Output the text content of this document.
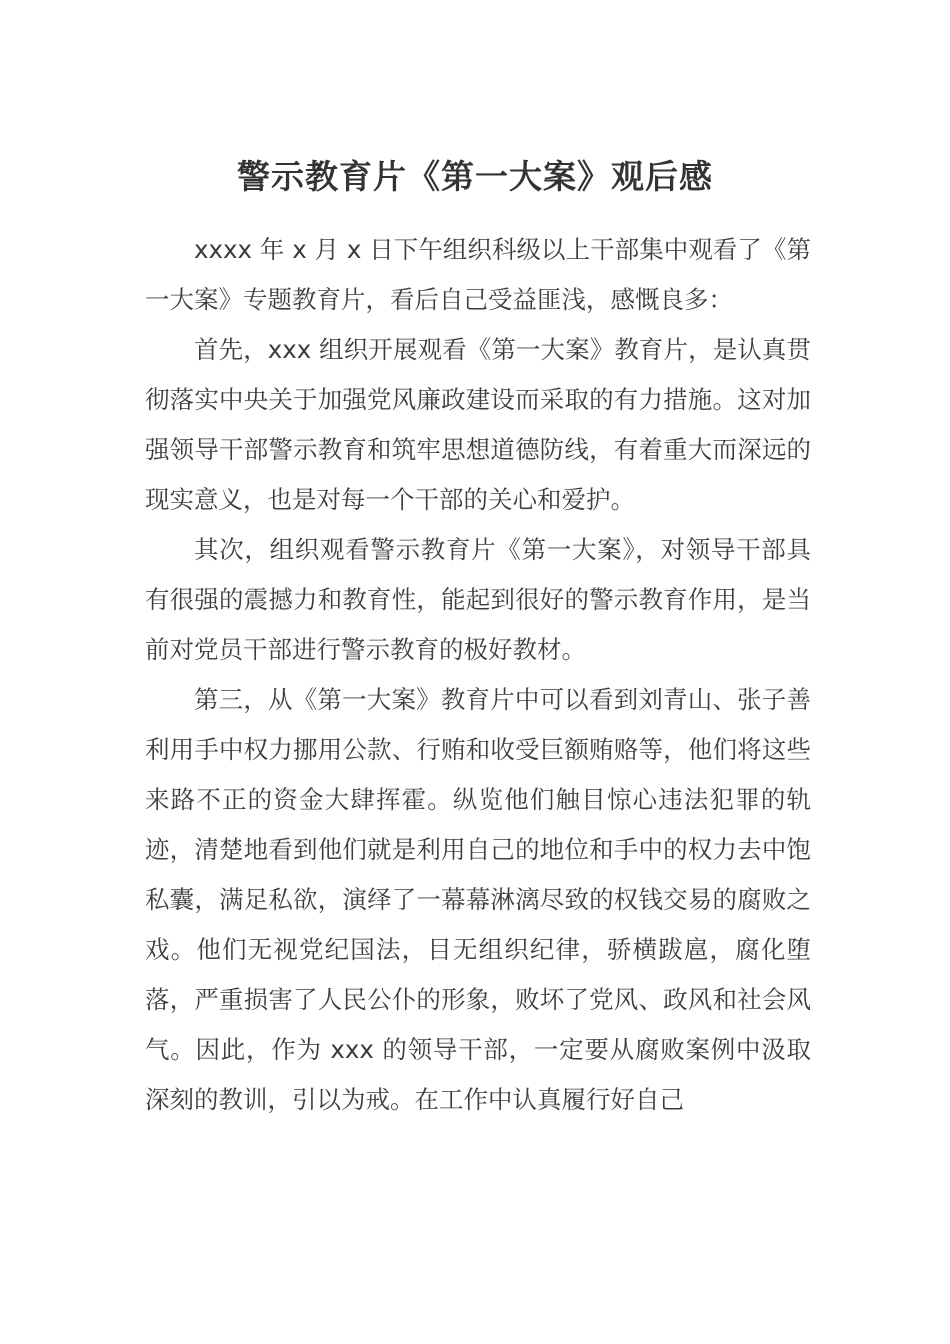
警示教育片《第一大案》观后感

xxxx 年 x 月 x 日下午组织科级以上干部集中观看了《第一大案》专题教育片，看后自己受益匪浅，感慨良多：

首先，xxx 组织开展观看《第一大案》教育片，是认真贯彻落实中央关于加强党风廉政建设而采取的有力措施。这对加强领导干部警示教育和筑牢思想道德防线，有着重大而深远的现实意义，也是对每一个干部的关心和爱护。

其次，组织观看警示教育片《第一大案》，对领导干部具有很强的震撼力和教育性，能起到很好的警示教育作用，是当前对党员干部进行警示教育的极好教材。

第三，从《第一大案》教育片中可以看到刘青山、张子善利用手中权力挪用公款、行贿和收受巨额贿赂等，他们将这些来路不正的资金大肆挥霍。纵览他们触目惊心违法犯罪的轨迹，清楚地看到他们就是利用自己的地位和手中的权力去中饱私囊，满足私欲，演绎了一幕幕淋漓尽致的权钱交易的腐败之戏。他们无视党纪国法，目无组织纪律，骄横跋扈，腐化堕落，严重损害了人民公仆的形象，败坏了党风、政风和社会风气。因此，作为 xxx 的领导干部，一定要从腐败案例中汲取深刻的教训，引以为戒。在工作中认真履行好自己
